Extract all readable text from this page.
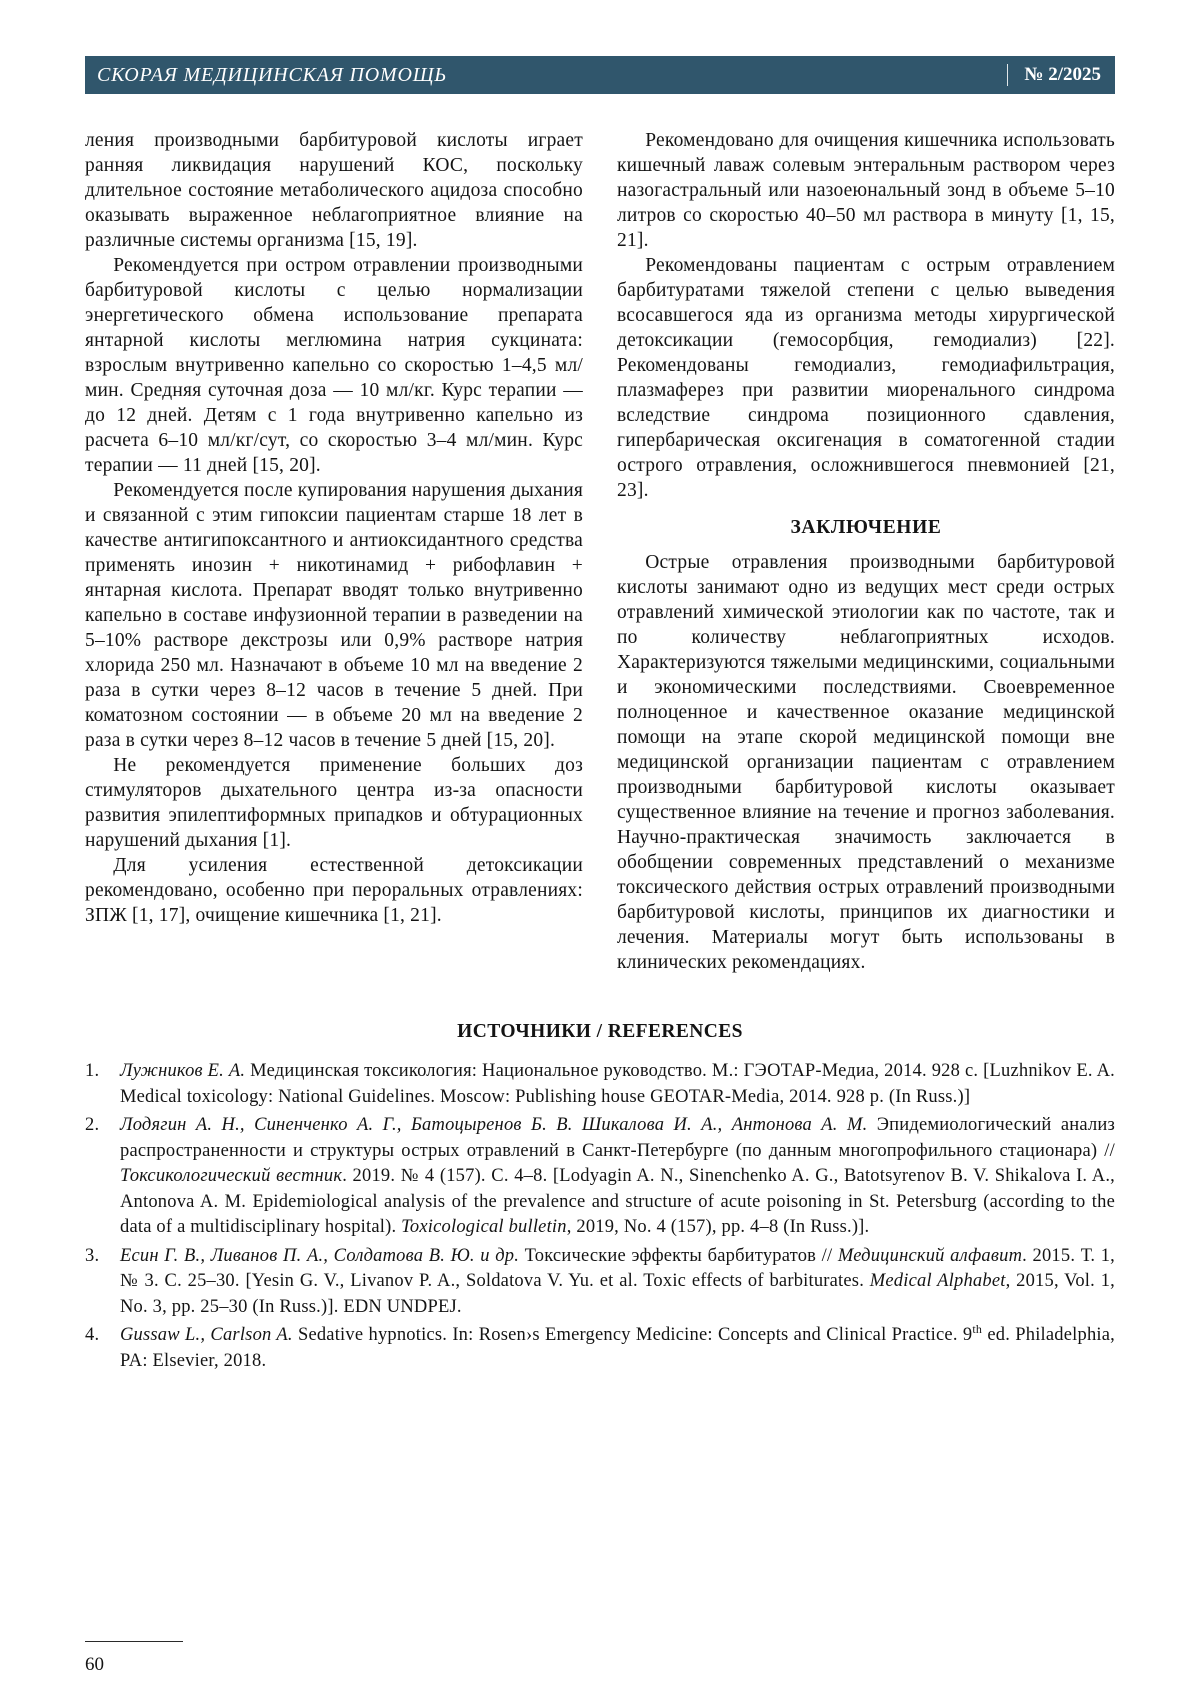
СКОРАЯ МЕДИЦИНСКАЯ ПОМОЩЬ	№ 2/2025

ления производными барбитуровой кислоты играет ранняя ликвидация нарушений КОС, поскольку длительное состояние метаболического ацидоза способно оказывать выраженное неблагоприятное влияние на различные системы организма [15, 19].

Рекомендуется при остром отравлении производными барбитуровой кислоты с целью нормализации энергетического обмена использование препарата янтарной кислоты меглюмина натрия сукцината: взрослым внутривенно капельно со скоростью 1–4,5 мл/мин. Средняя суточная доза — 10 мл/кг. Курс терапии — до 12 дней. Детям с 1 года внутривенно капельно из расчета 6–10 мл/кг/сут, со скоростью 3–4 мл/мин. Курс терапии — 11 дней [15, 20].

Рекомендуется после купирования нарушения дыхания и связанной с этим гипоксии пациентам старше 18 лет в качестве антигипоксантного и антиоксидантного средства применять инозин + никотинамид + рибофлавин + янтарная кислота. Препарат вводят только внутривенно капельно в составе инфузионной терапии в разведении на 5–10% растворе декстрозы или 0,9% растворе натрия хлорида 250 мл. Назначают в объеме 10 мл на введение 2 раза в сутки через 8–12 часов в течение 5 дней. При коматозном состоянии — в объеме 20 мл на введение 2 раза в сутки через 8–12 часов в течение 5 дней [15, 20].

Не рекомендуется применение больших доз стимуляторов дыхательного центра из-за опасности развития эпилептиформных припадков и обтурационных нарушений дыхания [1].

Для усиления естественной детоксикации рекомендовано, особенно при пероральных отравлениях: ЗПЖ [1, 17], очищение кишечника [1, 21].

Рекомендовано для очищения кишечника использовать кишечный лаваж солевым энтеральным раствором через назогастральный или назоеюнальный зонд в объеме 5–10 литров со скоростью 40–50 мл раствора в минуту [1, 15, 21].

Рекомендованы пациентам с острым отравлением барбитуратами тяжелой степени с целью выведения всосавшегося яда из организма методы хирургической детоксикации (гемосорбция, гемодиализ) [22]. Рекомендованы гемодиализ, гемодиафильтрация, плазмаферез при развитии миоренального синдрома вследствие синдрома позиционного сдавления, гипербарическая оксигенация в соматогенной стадии острого отравления, осложнившегося пневмонией [21, 23].

ЗАКЛЮЧЕНИЕ

Острые отравления производными барбитуровой кислоты занимают одно из ведущих мест среди острых отравлений химической этиологии как по частоте, так и по количеству неблагоприятных исходов. Характеризуются тяжелыми медицинскими, социальными и экономическими последствиями. Своевременное полноценное и качественное оказание медицинской помощи на этапе скорой медицинской помощи вне медицинской организации пациентам с отравлением производными барбитуровой кислоты оказывает существенное влияние на течение и прогноз заболевания. Научно-практическая значимость заключается в обобщении современных представлений о механизме токсического действия острых отравлений производными барбитуровой кислоты, принципов их диагностики и лечения. Материалы могут быть использованы в клинических рекомендациях.

ИСТОЧНИКИ / REFERENCES
1.	Лужников Е. А. Медицинская токсикология: Национальное руководство. М.: ГЭОТАР-Медиа, 2014. 928 с. [Luzhnikov E. A. Medical toxicology: National Guidelines. Moscow: Publishing house GEOTAR-Media, 2014. 928 p. (In Russ.)]
2.	Лодягин А. Н., Синенченко А. Г., Батоцыренов Б. В. Шикалова И. А., Антонова А. М. Эпидемиологический анализ распространенности и структуры острых отравлений в Санкт-Петербурге (по данным многопрофильного стационара) // Токсикологический вестник. 2019. № 4 (157). С. 4–8. [Lodyagin A. N., Sinenchenko A. G., Batotsyrenov B. V. Shikalova I. A., Antonova A. M. Epidemiological analysis of the prevalence and structure of acute poisoning in St. Petersburg (according to the data of a multidisciplinary hospital). Toxicological bulletin, 2019, No. 4 (157), pp. 4–8 (In Russ.)].
3.	Есин Г. В., Ливанов П. А., Солдатова В. Ю. и др. Токсические эффекты барбитуратов // Медицинский алфавит. 2015. Т. 1, № 3. С. 25–30. [Yesin G. V., Livanov P. A., Soldatova V. Yu. et al. Toxic effects of barbiturates. Medical Alphabet, 2015, Vol. 1, No. 3, pp. 25–30 (In Russ.)]. EDN UNDPEJ.
4.	Gussaw L., Carlson A. Sedative hypnotics. In: Rosen›s Emergency Medicine: Concepts and Clinical Practice. 9th ed. Philadelphia, PA: Elsevier, 2018.
60
